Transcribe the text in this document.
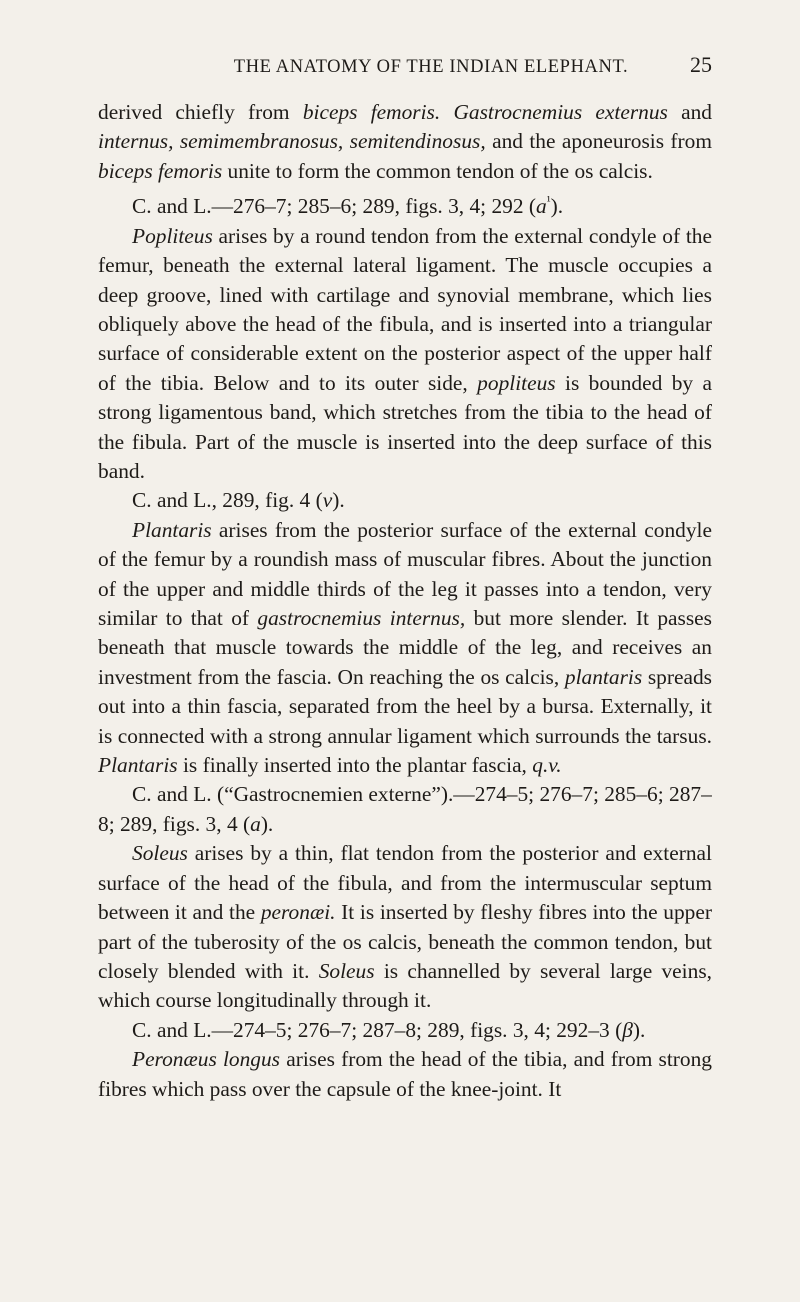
THE ANATOMY OF THE INDIAN ELEPHANT.	25

derived chiefly from biceps femoris. Gastrocnemius externus and internus, semimembranosus, semitendinosus, and the aponeurosis from biceps femoris unite to form the common tendon of the os calcis.

C. and L.—276–7; 285–6; 289, figs. 3, 4; 292 $(a^{^1})$.

Popliteus arises by a round tendon from the external condyle of the femur, beneath the external lateral ligament. The muscle occupies a deep groove, lined with cartilage and synovial membrane, which lies obliquely above the head of the fibula, and is inserted into a triangular surface of considerable extent on the posterior aspect of the upper half of the tibia. Below and to its outer side, popliteus is bounded by a strong ligamentous band, which stretches from the tibia to the head of the fibula. Part of the muscle is inserted into the deep surface of this band.

C. and L., 289, fig. 4 (v).

Plantaris arises from the posterior surface of the external condyle of the femur by a roundish mass of muscular fibres. About the junction of the upper and middle thirds of the leg it passes into a tendon, very similar to that of gastrocnemius internus, but more slender. It passes beneath that muscle towards the middle of the leg, and receives an investment from the fascia. On reaching the os calcis, plantaris spreads out into a thin fascia, separated from the heel by a bursa. Externally, it is connected with a strong annular ligament which surrounds the tarsus. Plantaris is finally inserted into the plantar fascia, q.v.

C. and L. (“Gastrocnemien externe”).—274–5; 276–7; 285–6; 287–8; 289, figs. 3, 4 (a).

Soleus arises by a thin, flat tendon from the posterior and external surface of the head of the fibula, and from the intermuscular septum between it and the peronæi. It is inserted by fleshy fibres into the upper part of the tuberosity of the os calcis, beneath the common tendon, but closely blended with it. Soleus is channelled by several large veins, which course longitudinally through it.

C. and L.—274–5; 276–7; 287–8; 289, figs. 3, 4; 292–3 (β).

Peronæus longus arises from the head of the tibia, and from strong fibres which pass over the capsule of the knee-joint. It
